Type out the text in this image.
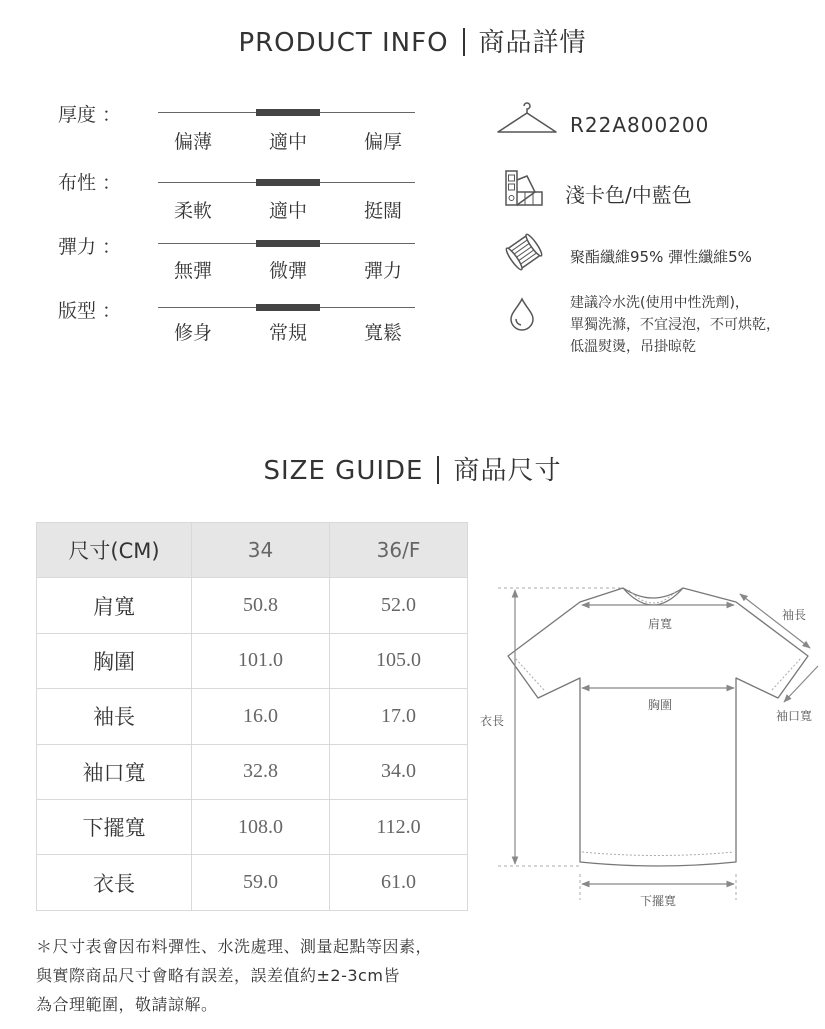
PRODUCT INFO 商品詳情
厚度 ：
偏薄	適中	偏厚
布性 ：
柔軟	適中	挺闊
彈力 ：
無彈	微彈	彈力
版型 ：
修身	常規	寬鬆
R22A800200
淺卡色/中藍色
聚酯纖維95% 彈性纖維5%
建議冷水洗(使用中性洗劑)，
單獨洗滌，不宜浸泡，不可烘乾，
低溫熨燙，吊掛晾乾
SIZE GUIDE 商品尺寸
尺寸(CM)	34	36/F
肩寬	50.8	52.0
胸圍	101.0	105.0
袖長	16.0	17.0
袖口寬	32.8	34.0
下擺寬	108.0	112.0
衣長	59.0	61.0
＊尺寸表會因布料彈性、水洗處理、測量起點等因素，
與實際商品尺寸會略有誤差，誤差值約±2-3cm皆
為合理範圍，敬請諒解。
肩寬
胸圍
袖長
袖口寬
衣長
下擺寬
